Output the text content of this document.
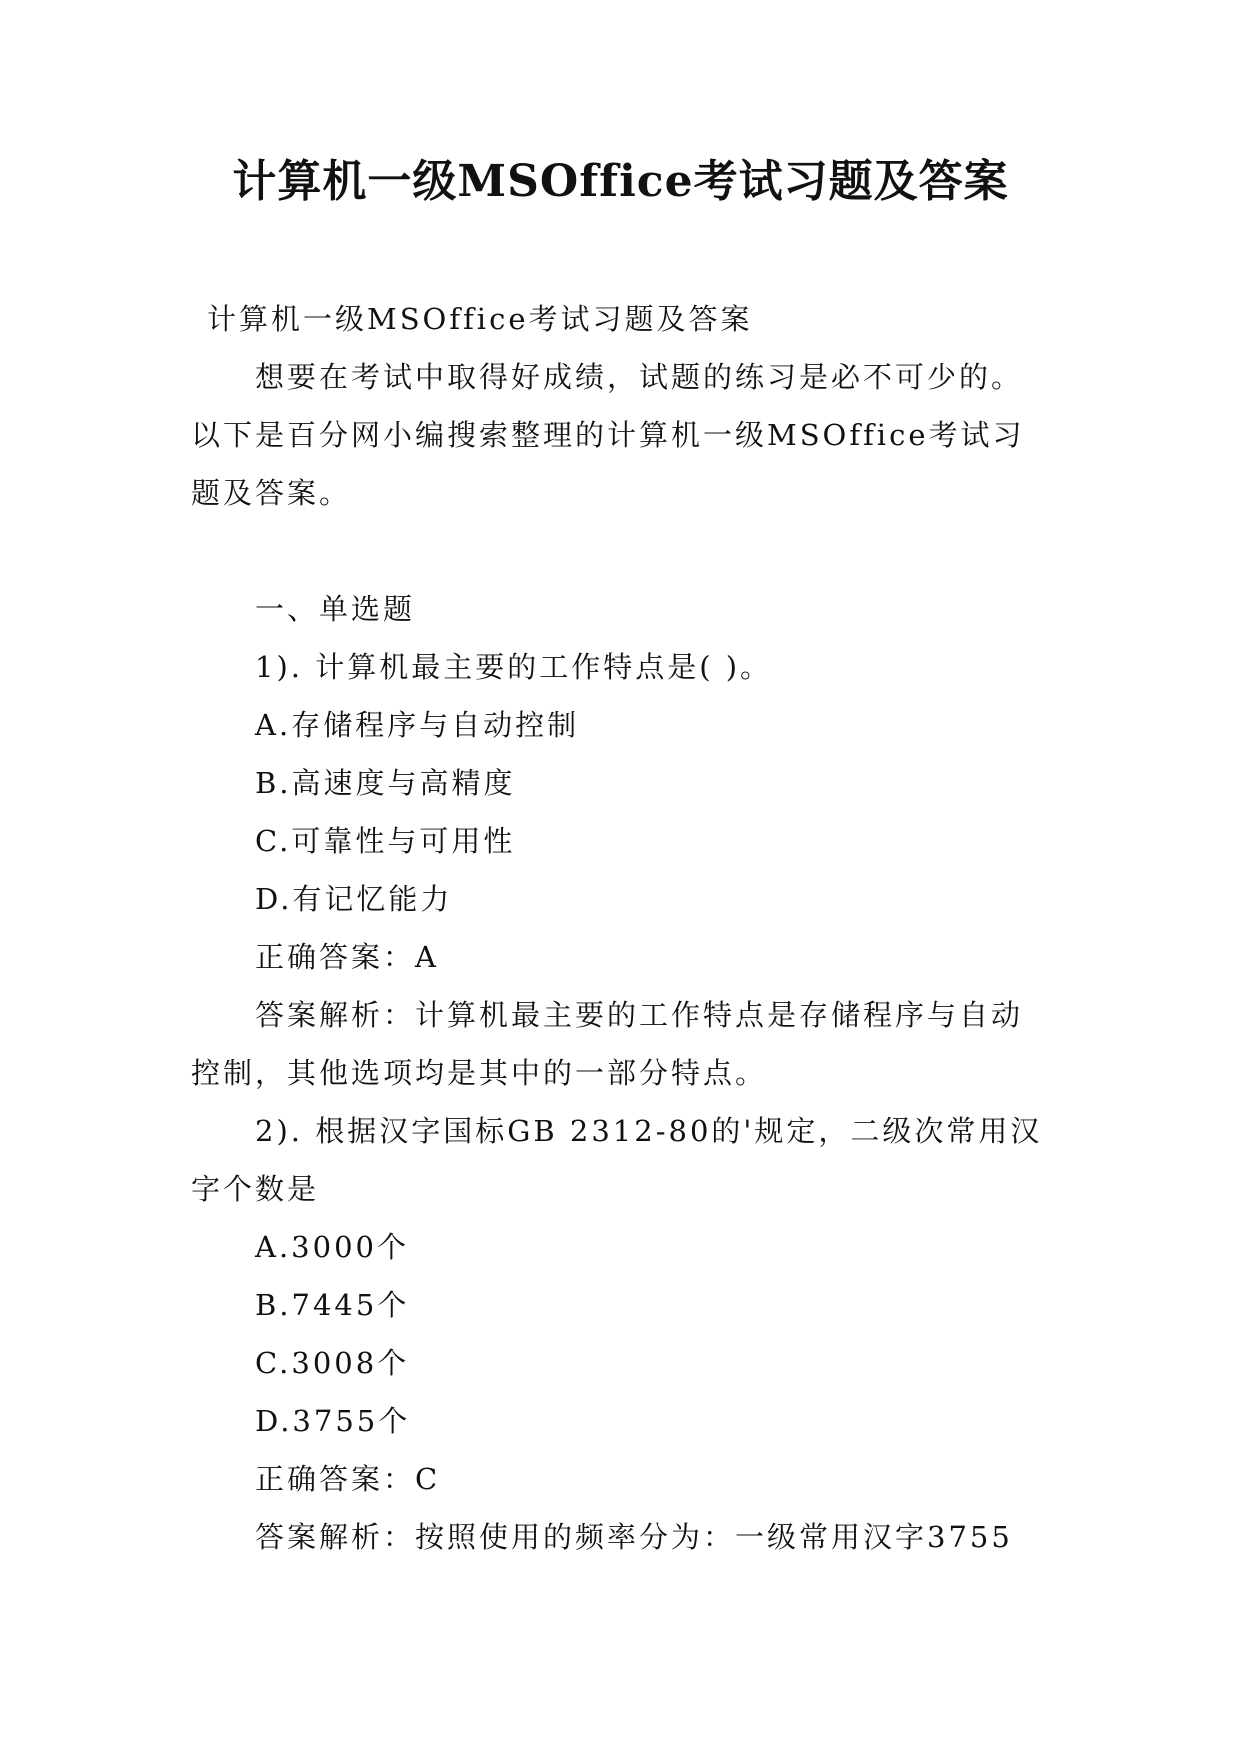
计算机一级MSOffice考试习题及答案

计算机一级MSOffice考试习题及答案

想要在考试中取得好成绩，试题的练习是必不可少的。

以下是百分网小编搜索整理的计算机一级MSOffice考试习

题及答案。

一、单选题

1). 计算机最主要的工作特点是( )。

A.存储程序与自动控制

B.高速度与高精度

C.可靠性与可用性

D.有记忆能力

正确答案：A

答案解析：计算机最主要的工作特点是存储程序与自动

控制，其他选项均是其中的一部分特点。

2). 根据汉字国标GB 2312-80的'规定，二级次常用汉

字个数是

A.3000个

B.7445个

C.3008个

D.3755个

正确答案：C

答案解析：按照使用的频率分为：一级常用汉字3755
